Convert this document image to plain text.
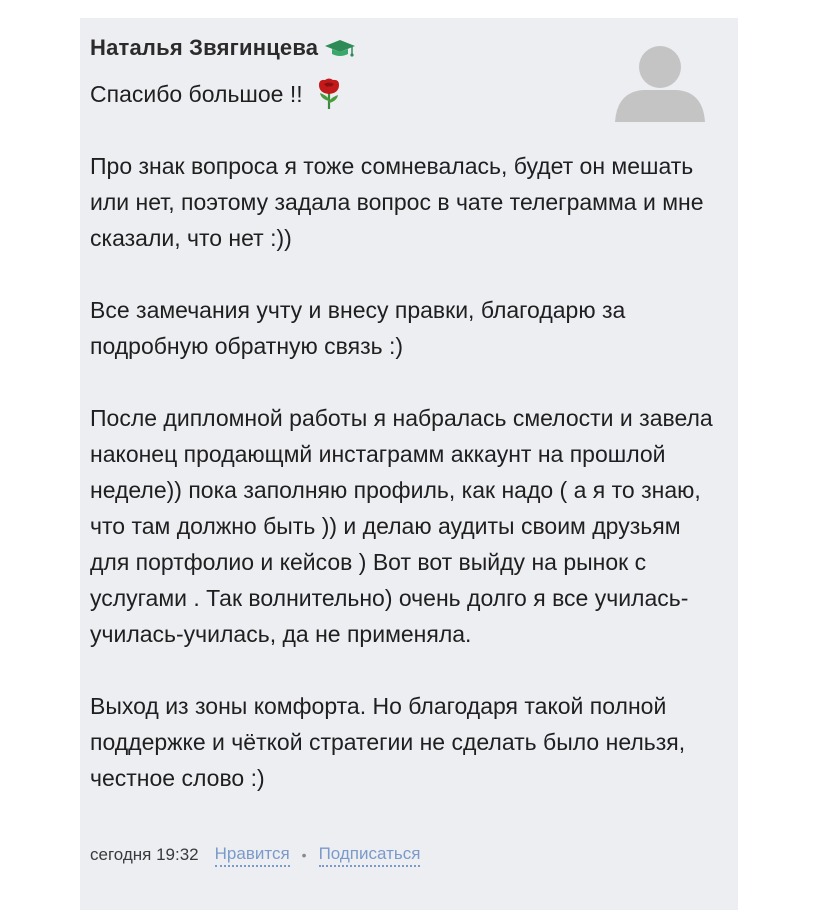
Наталья Звягинцева
Спасибо большое !!

Про знак вопроса я тоже сомневалась, будет он мешать или нет, поэтому задала вопрос в чате телеграмма и мне сказали, что нет :))

Все замечания учту и внесу правки, благодарю за подробную обратную связь :)

После дипломной работы я набралась смелости и завела наконец продающмй инстаграмм аккаунт на прошлой неделе)) пока заполняю профиль, как надо ( а я то знаю, что там должно быть )) и делаю аудиты своим друзьям для портфолио и кейсов ) Вот вот выйду на рынок с услугами . Так волнительно) очень долго я все училась-училась-училась, да не применяла.

Выход из зоны комфорта. Но благодаря такой полной поддержке и чёткой стратегии не сделать было нельзя, честное слово :)

сегодня 19:32 Нравится • Подписаться
